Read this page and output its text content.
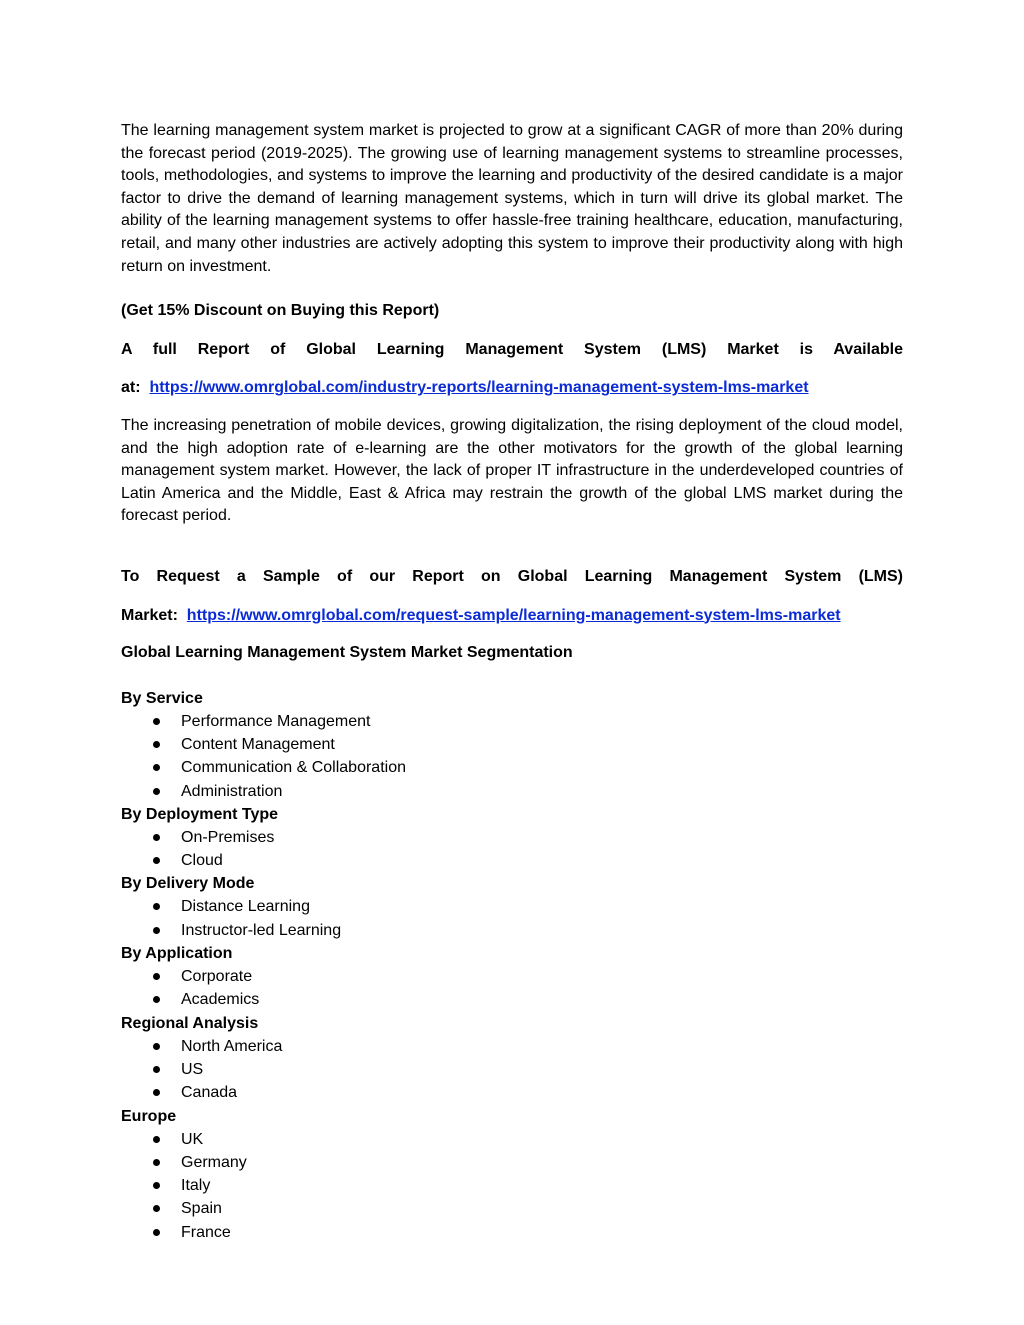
The learning management system market is projected to grow at a significant CAGR of more than 20% during the forecast period (2019-2025). The growing use of learning management systems to streamline processes, tools, methodologies, and systems to improve the learning and productivity of the desired candidate is a major factor to drive the demand of learning management systems, which in turn will drive its global market. The ability of the learning management systems to offer hassle-free training healthcare, education, manufacturing, retail, and many other industries are actively adopting this system to improve their productivity along with high return on investment.

(Get 15% Discount on Buying this Report)

A full Report of Global Learning Management System (LMS) Market is Available

at: https://www.omrglobal.com/industry-reports/learning-management-system-lms-market

The increasing penetration of mobile devices, growing digitalization, the rising deployment of the cloud model, and the high adoption rate of e-learning are the other motivators for the growth of the global learning management system market. However, the lack of proper IT infrastructure in the underdeveloped countries of Latin America and the Middle, East & Africa may restrain the growth of the global LMS market during the forecast period.

To Request a Sample of our Report on Global Learning Management System (LMS)

Market: https://www.omrglobal.com/request-sample/learning-management-system-lms-market

Global Learning Management System Market Segmentation

By Service
Performance Management
Content Management
Communication & Collaboration
Administration
By Deployment Type
On-Premises
Cloud
By Delivery Mode
Distance Learning
Instructor-led Learning
By Application
Corporate
Academics
Regional Analysis
North America
US
Canada
Europe
UK
Germany
Italy
Spain
France
